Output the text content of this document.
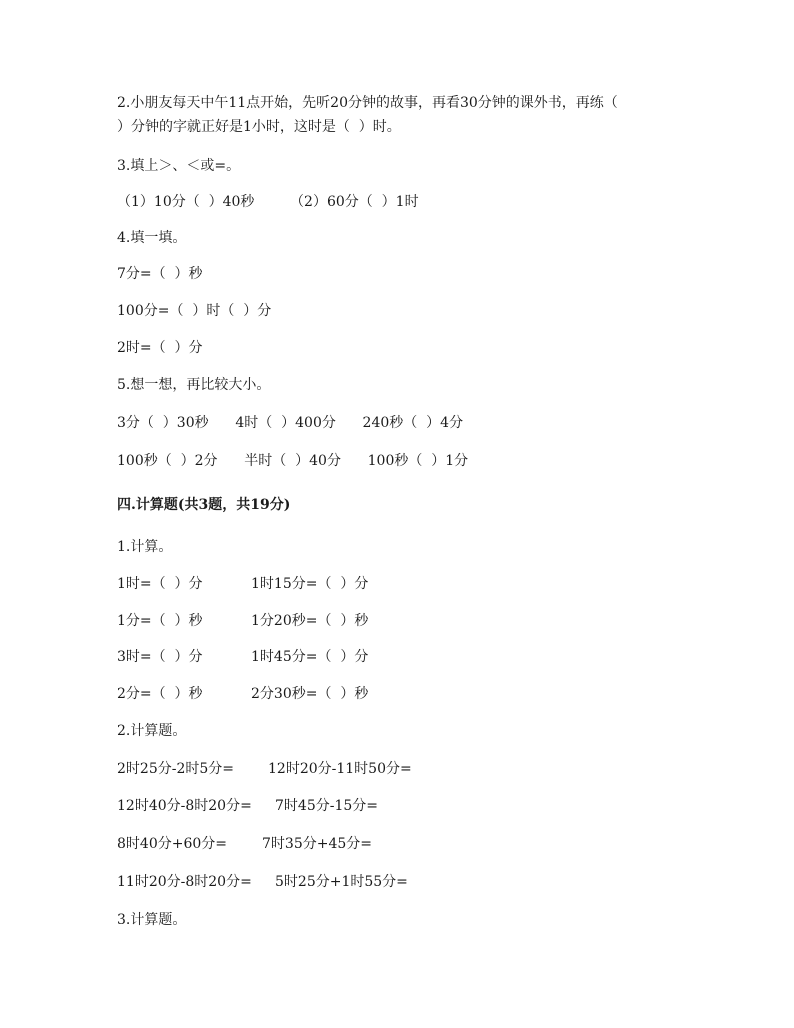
2.小朋友每天中午11点开始，先听20分钟的故事，再看30分钟的课外书，再练（
）分钟的字就正好是1小时，这时是（  ）时。
3.填上＞、＜或=。
（1）10分（  ）40秒        （2）60分（  ）1时
4.填一填。
7分=（  ）秒
100分=（  ）时（  ）分
2时=（  ）分
5.想一想，再比较大小。
3分（  ）30秒      4时（  ）400分      240秒（  ）4分
100秒（  ）2分      半时（  ）40分      100秒（  ）1分
四.计算题(共3题，共19分)
1.计算。
1时=（  ）分	1时15分=（  ）分
1分=（  ）秒	1分20秒=（  ）秒
3时=（  ）分	1时45分=（  ）分
2分=（  ）秒	2分30秒=（  ）秒
2.计算题。
2时25分-2时5分= 12时20分-11时50分=
12时40分-8时20分= 7时45分-15分=
8时40分+60分=	7时35分+45分=
11时20分-8时20分= 5时25分+1时55分=
3.计算题。
